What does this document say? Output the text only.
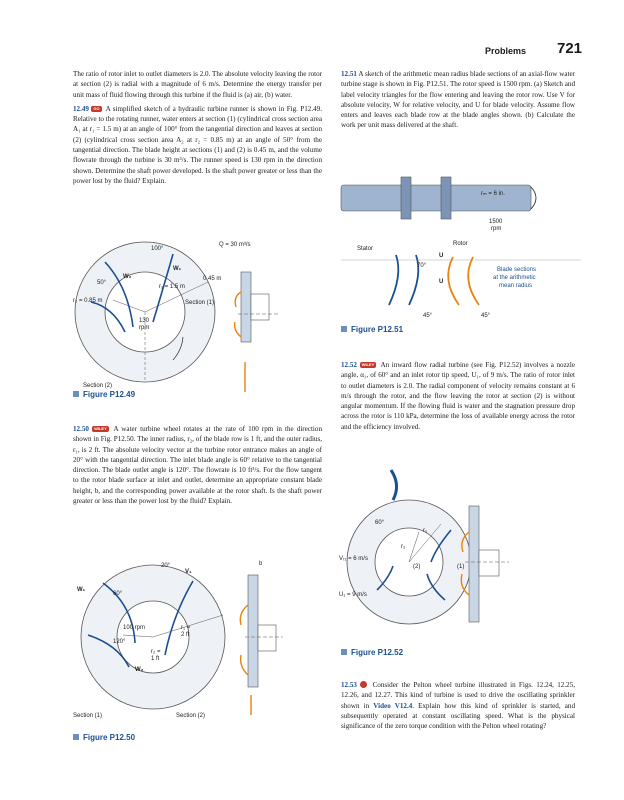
Problems 721

The ratio of rotor inlet to outlet diameters is 2.0. The absolute velocity leaving the rotor at section (2) is radial with a magnitude of 6 m/s. Determine the energy transfer per unit mass of fluid flowing through this turbine if the fluid is (a) air, (b) water.

12.49 GO A simplified sketch of a hydraulic turbine runner is shown in Fig. P12.49. Relative to the rotating runner, water enters at section (1) (cylindrical cross section area A₁ at r₁ = 1.5 m) at an angle of 100° from the tangential direction and leaves at section (2) (cylindrical cross section area A₂ at r₂ = 0.85 m) at an angle of 50° from the tangential direction. The blade height at sections (1) and (2) is 0.45 m, and the volume flowrate through the turbine is 30 m³/s. The runner speed is 130 rpm in the direction shown. Determine the shaft power developed. Is the shaft power greater or less than the power lost by the fluid? Explain.

12.50 WILEY A water turbine wheel rotates at the rate of 100 rpm in the direction shown in Fig. P12.50. The inner radius, r₂, of the blade row is 1 ft, and the outer radius, r₁, is 2 ft. The absolute velocity vector at the turbine rotor entrance makes an angle of 20° with the tangential direction. The inlet blade angle is 60° relative to the tangential direction. The blade outlet angle is 120°. The flowrate is 10 ft³/s. For the flow tangent to the rotor blade surface at inlet and outlet, determine an appropriate constant blade height, b, and the corresponding power available at the rotor shaft. Is the shaft power greater or less than the power lost by the fluid? Explain.

12.51 A sketch of the arithmetic mean radius blade sections of an axial-flow water turbine stage is shown in Fig. P12.51. The rotor speed is 1500 rpm. (a) Sketch and label velocity triangles for the flow entering and leaving the rotor row. Use V for absolute velocity, W for relative velocity, and U for blade velocity. Assume flow enters and leaves each blade row at the blade angles shown. (b) Calculate the work per unit mass delivered at the shaft.

12.52 WILEY An inward flow radial turbine (see Fig. P12.52) involves a nozzle angle, α₁, of 60° and an inlet rotor tip speed, U₁, of 9 m/s. The ratio of rotor inlet to outlet diameters is 2.0. The radial component of velocity remains constant at 6 m/s through the rotor, and the flow leaving the rotor at section (2) is without angular momentum. If the flowing fluid is water and the stagnation pressure drop across the rotor is 110 kPa, determine the loss of available energy across the rotor and the efficiency involved.

12.53 Consider the Pelton wheel turbine illustrated in Figs. 12.24, 12.25, 12.26, and 12.27. This kind of turbine is used to drive the oscillating sprinkler shown in Video V12.4. Explain how this kind of sprinkler is started, and subsequently operated at constant oscillating speed. What is the physical significance of the zero torque condition with the Pelton wheel rotating?

Q = 30 m³/s
100°
W₁
W₂
50°
0.45 m
r₁ = 1.5 m
r₂ = 0.85 m	Section (1)
130
rpm
Section (2)
Figure P12.49
20°
V₁
b
W₁
60°
100 rpm	r₁ =
2 ft
120°
r₂ =
1 ft
W₂
Section (1)	Section (2)
Figure P12.50
rₘ = 6 in.
1500
rpm
Stator
Rotor
70°
U
U
Blade sections
at the arithmetic
mean radius
45°	45°
Figure P12.51
60°
r₁
r₂
Vᵣ₁ = 6 m/s
(2)	(1)
U₁ = 9 m/s
Figure P12.52
